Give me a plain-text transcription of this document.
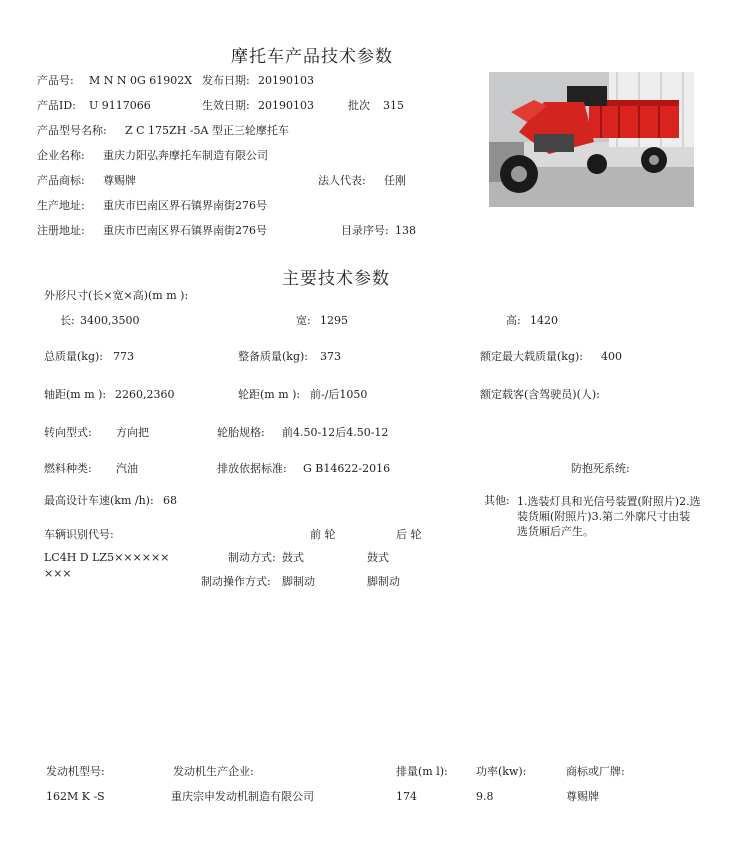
摩托车产品技术参数
产品号: M N N 0G 61902X 发布日期: 20190103
产品ID: U 9117066	生效日期: 20190103	批次 315
产品型号名称: Z C 175ZH -5A 型正三轮摩托车
企业名称: 重庆力阳弘奔摩托车制造有限公司
产品商标: 尊赐牌	法人代表: 任刚
生产地址: 重庆市巴南区界石镇界南街276号
注册地址: 重庆市巴南区界石镇界南街276号	目录序号: 138
主要技术参数
外形尺寸(长×宽×高)(m m ):
长: 3400,3500	宽: 1295	高: 1420
总质量(kg): 773	整备质量(kg): 373	额定最大载质量(kg): 400
轴距(m m ): 2260,2360	轮距(m m ): 前-/后1050	额定载客(含驾驶员)(人):
转向型式: 方向把	轮胎规格: 前4.50-12后4.50-12
燃料种类: 汽油	排放依据标准: G B14622-2016	防抱死系统:
最高设计车速(km /h): 68	其他: 1.选装灯具和光信号装置(附照片)2.选装货厢(附照片)3.第二外廓尺寸由装选货厢后产生。
车辆识别代号:	前 轮	后 轮
LC4H D LZ5××××××
×××
制动方式: 鼓式	鼓式
制动操作方式: 脚制动	脚制动
发动机型号:	发动机生产企业:	排量(m l):	功率(kw):	商标或厂牌:
162M K -S	重庆宗申发动机制造有限公司	174	9.8	尊赐牌
